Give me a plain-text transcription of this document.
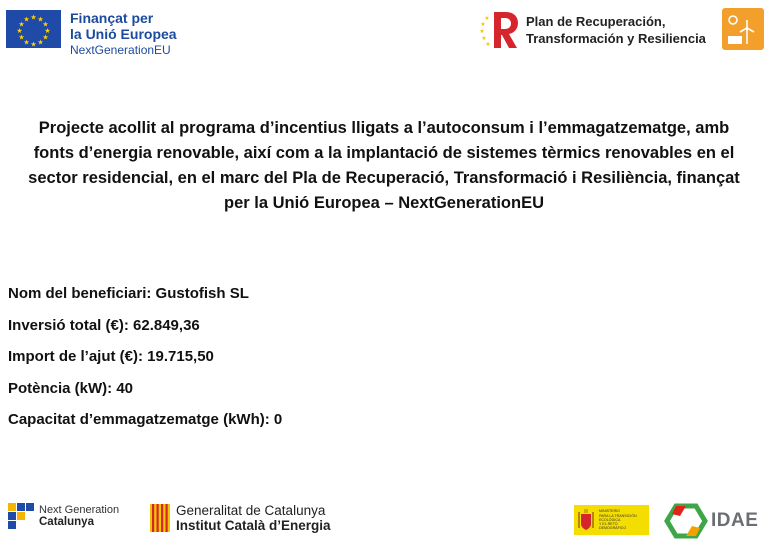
★ ★
★
★
★
★
★
★
★
★
★
★	Finançat per
la Unió Europea
NextGenerationEU
★
★
★
★
★
Plan de Recuperación,
Transformación y Resiliencia
Projecte acollit al programa d’incentius lligats a l’autoconsum i l’emmagatzematge, amb
fonts d’energia renovable, així com a la implantació de sistemes tèrmics renovables en el
sector residencial, en el marc del Pla de Recuperació, Transformació i Resiliència, finançat
per la Unió Europea – NextGenerationEU
Nom del beneficiari: Gustofish SL
Inversió total (€): 62.849,36
Import de l’ajut (€): 19.715,50
Potència (kW): 40
Capacitat d’emmagatzematge (kWh): 0
Next Generation
Catalunya
Generalitat de Catalunya
Institut Català d’Energia
MINISTERIO
PARA LA TRANSICIÓN ECOLÓGICA
Y EL RETO DEMOGRÁFICO	IDAE
